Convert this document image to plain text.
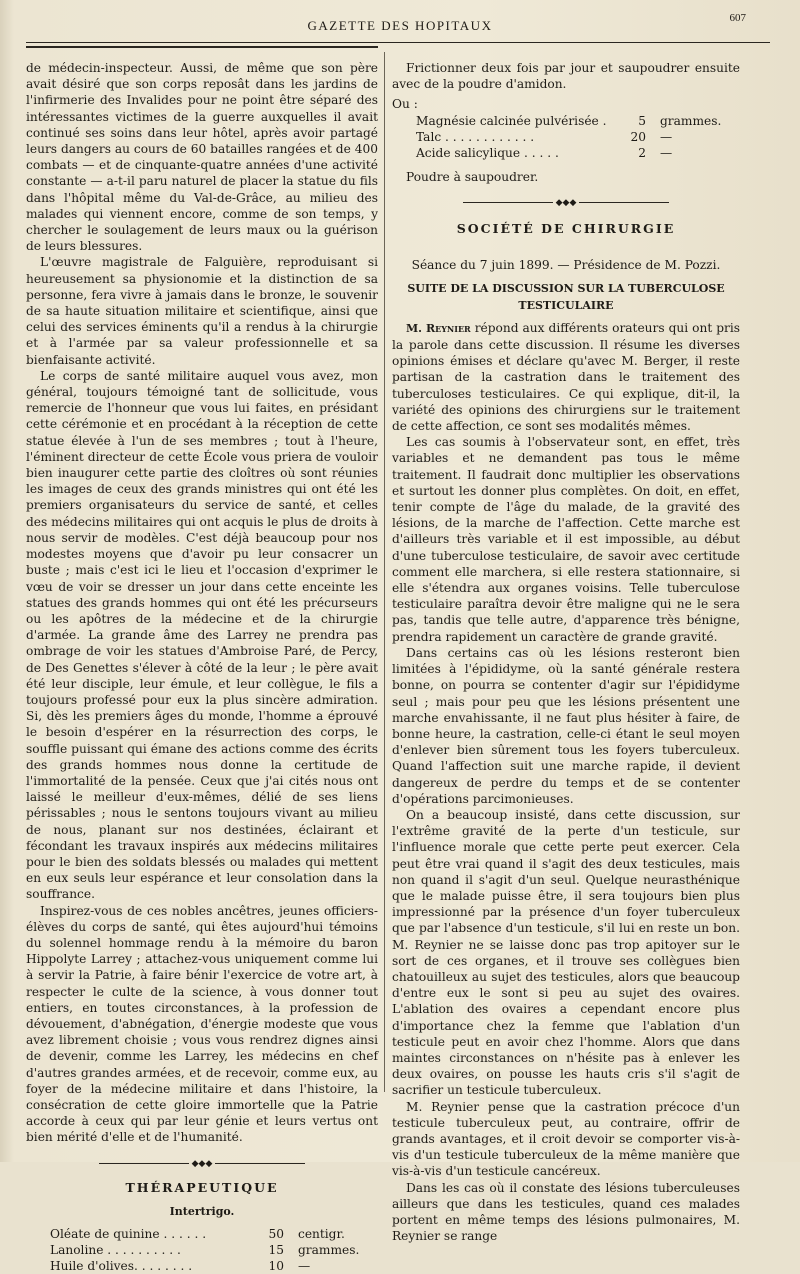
GAZETTE DES HOPITAUX	607

de médecin-inspecteur. Aussi, de même que son père avait désiré que son corps reposât dans les jardins de l'infirmerie des Invalides pour ne point être séparé des intéressantes victimes de la guerre auxquelles il avait continué ses soins dans leur hôtel, après avoir partagé leurs dangers au cours de 60 batailles rangées et de 400 combats — et de cinquante-quatre années d'une activité constante — a-t-il paru naturel de placer la statue du fils dans l'hôpital même du Val-de-Grâce, au milieu des malades qui viennent encore, comme de son temps, y chercher le soulagement de leurs maux ou la guérison de leurs blessures.

L'œuvre magistrale de Falguière, reproduisant si heureusement sa physionomie et la distinction de sa personne, fera vivre à jamais dans le bronze, le souvenir de sa haute situation militaire et scientifique, ainsi que celui des services éminents qu'il a rendus à la chirurgie et à l'armée par sa valeur professionnelle et sa bienfaisante activité.

Le corps de santé militaire auquel vous avez, mon général, toujours témoigné tant de sollicitude, vous remercie de l'honneur que vous lui faites, en présidant cette cérémonie et en procédant à la réception de cette statue élevée à l'un de ses membres ; tout à l'heure, l'éminent directeur de cette École vous priera de vouloir bien inaugurer cette partie des cloîtres où sont réunies les images de ceux des grands ministres qui ont été les premiers organisateurs du service de santé, et celles des médecins militaires qui ont acquis le plus de droits à nous servir de modèles. C'est déjà beaucoup pour nos modestes moyens que d'avoir pu leur consacrer un buste ; mais c'est ici le lieu et l'occasion d'exprimer le vœu de voir se dresser un jour dans cette enceinte les statues des grands hommes qui ont été les précurseurs ou les apôtres de la médecine et de la chirurgie d'armée. La grande âme des Larrey ne prendra pas ombrage de voir les statues d'Ambroise Paré, de Percy, de Des Genettes s'élever à côté de la leur ; le père avait été leur disciple, leur émule, et leur collègue, le fils a toujours professé pour eux la plus sincère admiration. Si, dès les premiers âges du monde, l'homme a éprouvé le besoin d'espérer en la résurrection des corps, le souffle puissant qui émane des actions comme des écrits des grands hommes nous donne la certitude de l'immortalité de la pensée. Ceux que j'ai cités nous ont laissé le meilleur d'eux-mêmes, délié de ses liens périssables ; nous le sentons toujours vivant au milieu de nous, planant sur nos destinées, éclairant et fécondant les travaux inspirés aux médecins militaires pour le bien des soldats blessés ou malades qui mettent en eux seuls leur espérance et leur consolation dans la souffrance.

Inspirez-vous de ces nobles ancêtres, jeunes officiers-élèves du corps de santé, qui êtes aujourd'hui témoins du solennel hommage rendu à la mémoire du baron Hippolyte Larrey ; attachez-vous uniquement comme lui à servir la Patrie, à faire bénir l'exercice de votre art, à respecter le culte de la science, à vous donner tout entiers, en toutes circonstances, à la profession de dévouement, d'abnégation, d'énergie modeste que vous avez librement choisie ; vous vous rendrez dignes ainsi de devenir, comme les Larrey, les médecins en chef d'autres grandes armées, et de recevoir, comme eux, au foyer de la médecine militaire et dans l'histoire, la consécration de cette gloire immortelle que la Patrie accorde à ceux qui par leur génie et leurs vertus ont bien mérité d'elle et de l'humanité.

◆◆◆
THÉRAPEUTIQUE
Intertrigo.
Oléate de quinine . . . . . .	50	centigr.
Lanoline . . . . . . . . . .	15	grammes.
Huile d'olives. . . . . . . .	10	—

Frictionner deux fois par jour et saupoudrer ensuite avec de la poudre d'amidon.

Ou :

Magnésie calcinée pulvérisée .	5	grammes.
Talc . . . . . . . . . . . .	20	—
Acide salicylique . . . . .	2	—

Poudre à saupoudrer.

◆◆◆
SOCIÉTÉ DE CHIRURGIE
Séance du 7 juin 1899. — Présidence de M. Pozzi.
SUITE DE LA DISCUSSION SUR LA TUBERCULOSE TESTICULAIRE

M. Reynier répond aux différents orateurs qui ont pris la parole dans cette discussion. Il résume les diverses opinions émises et déclare qu'avec M. Berger, il reste partisan de la castration dans le traitement des tuberculoses testiculaires. Ce qui explique, dit-il, la variété des opinions des chirurgiens sur le traitement de cette affection, ce sont ses modalités mêmes.

Les cas soumis à l'observateur sont, en effet, très variables et ne demandent pas tous le même traitement. Il faudrait donc multiplier les observations et surtout les donner plus complètes. On doit, en effet, tenir compte de l'âge du malade, de la gravité des lésions, de la marche de l'affection. Cette marche est d'ailleurs très variable et il est impossible, au début d'une tuberculose testiculaire, de savoir avec certitude comment elle marchera, si elle restera stationnaire, si elle s'étendra aux organes voisins. Telle tuberculose testiculaire paraîtra devoir être maligne qui ne le sera pas, tandis que telle autre, d'apparence très bénigne, prendra rapidement un caractère de grande gravité.

Dans certains cas où les lésions resteront bien limitées à l'épididyme, où la santé générale restera bonne, on pourra se contenter d'agir sur l'épididyme seul ; mais pour peu que les lésions présentent une marche envahissante, il ne faut plus hésiter à faire, de bonne heure, la castration, celle-ci étant le seul moyen d'enlever bien sûrement tous les foyers tuberculeux. Quand l'affection suit une marche rapide, il devient dangereux de perdre du temps et de se contenter d'opérations parcimonieuses.

On a beaucoup insisté, dans cette discussion, sur l'extrême gravité de la perte d'un testicule, sur l'influence morale que cette perte peut exercer. Cela peut être vrai quand il s'agit des deux testicules, mais non quand il s'agit d'un seul. Quelque neurasthénique que le malade puisse être, il sera toujours bien plus impressionné par la présence d'un foyer tuberculeux que par l'absence d'un testicule, s'il lui en reste un bon. M. Reynier ne se laisse donc pas trop apitoyer sur le sort de ces organes, et il trouve ses collègues bien chatouilleux au sujet des testicules, alors que beaucoup d'entre eux le sont si peu au sujet des ovaires. L'ablation des ovaires a cependant encore plus d'importance chez la femme que l'ablation d'un testicule peut en avoir chez l'homme. Alors que dans maintes circonstances on n'hésite pas à enlever les deux ovaires, on pousse les hauts cris s'il s'agit de sacrifier un testicule tuberculeux.

M. Reynier pense que la castration précoce d'un testicule tuberculeux peut, au contraire, offrir de grands avantages, et il croit devoir se comporter vis-à-vis d'un testicule tuberculeux de la même manière que vis-à-vis d'un testicule cancéreux.

Dans les cas où il constate des lésions tuberculeuses ailleurs que dans les testicules, quand ces malades portent en même temps des lésions pulmonaires, M. Reynier se range
